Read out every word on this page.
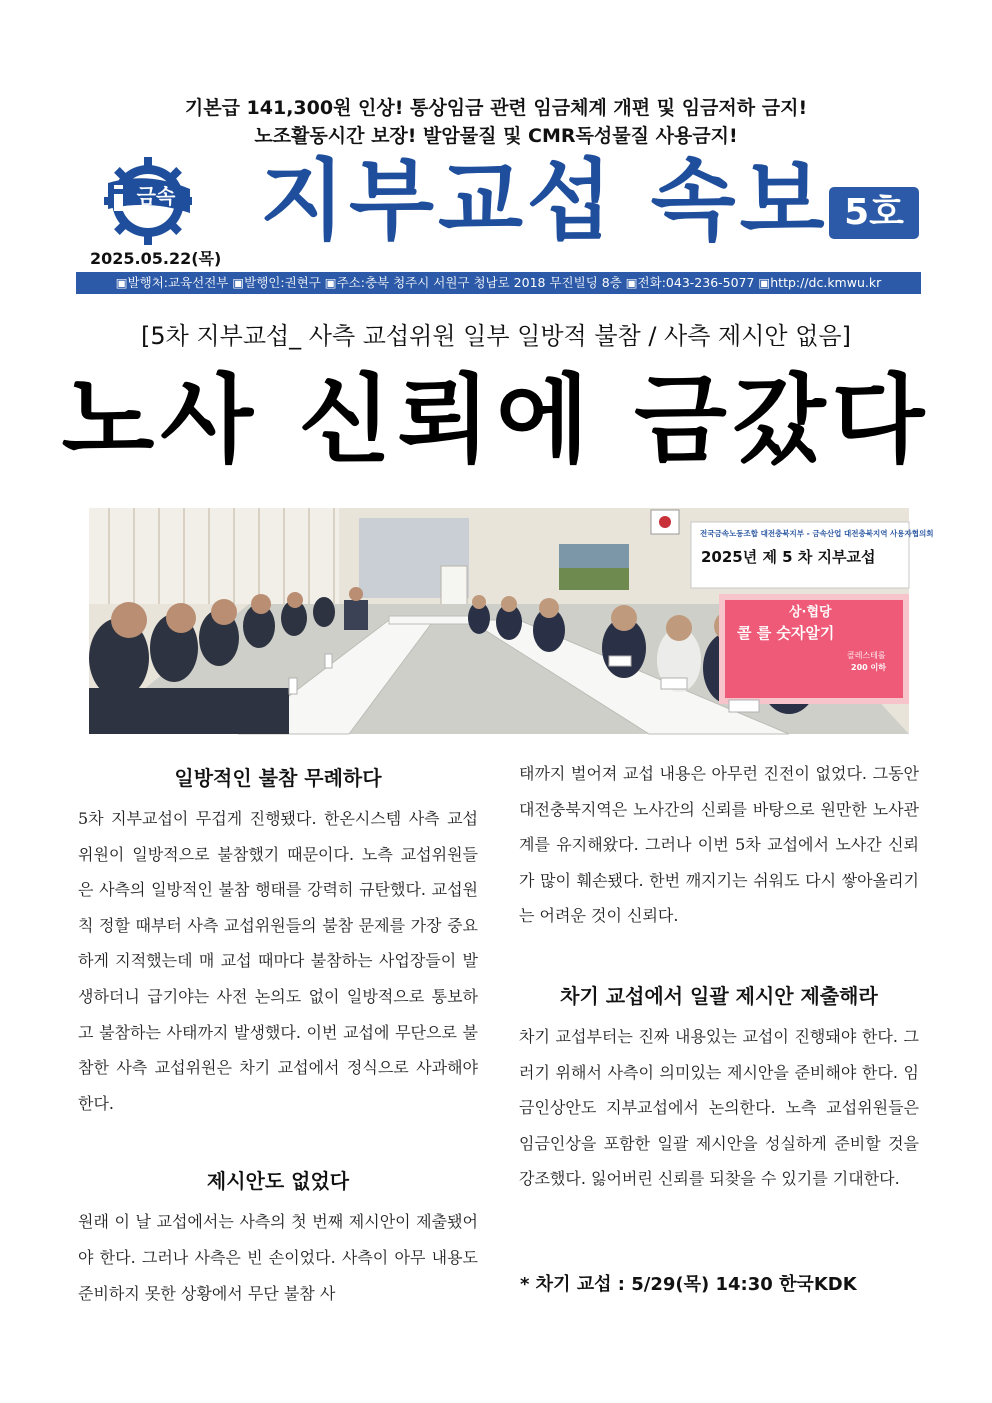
기본급 141,300원 인상! 통상임금 관련 임금체계 개편 및 임금저하 금지!
노조활동시간 보장! 발암물질 및 CMR독성물질 사용금지!
금속 지부교섭 속보 5호
2025.05.22(목)
▣발행처:교육선전부 ▣발행인:권현구 ▣주소:충북 청주시 서원구 청남로 2018 무진빌딩 8층 ▣전화:043-236-5077 ▣http://dc.kmwu.kr
[5차 지부교섭_ 사측 교섭위원 일부 일방적 불참 / 사측 제시안 없음]
노사 신뢰에 금갔다
전국금속노동조합 대전충북지부 - 금속산업 대전충북지역 사용자협의회
2025년 제 5 차 지부교섭
상·협당
콜 를 숫자알기
콜레스테롤
200 이하
일방적인 불참 무례하다

5차 지부교섭이 무겁게 진행됐다. 한온시스템 사측 교섭위원이 일방적으로 불참했기 때문이다. 노측 교섭위원들은 사측의 일방적인 불참 행태를 강력히 규탄했다. 교섭원칙 정할 때부터 사측 교섭위원들의 불참 문제를 가장 중요하게 지적했는데 매 교섭 때마다 불참하는 사업장들이 발생하더니 급기야는 사전 논의도 없이 일방적으로 통보하고 불참하는 사태까지 발생했다. 이번 교섭에 무단으로 불참한 사측 교섭위원은 차기 교섭에서 정식으로 사과해야한다.

제시안도 없었다

원래 이 날 교섭에서는 사측의 첫 번째 제시안이 제출됐어야 한다. 그러나 사측은 빈 손이었다. 사측이 아무 내용도 준비하지 못한 상황에서 무단 불참 사

태까지 벌어져 교섭 내용은 아무런 진전이 없었다. 그동안 대전충북지역은 노사간의 신뢰를 바탕으로 원만한 노사관계를 유지해왔다. 그러나 이번 5차 교섭에서 노사간 신뢰가 많이 훼손됐다. 한번 깨지기는 쉬워도 다시 쌓아올리기는 어려운 것이 신뢰다.

차기 교섭에서 일괄 제시안 제출해라

차기 교섭부터는 진짜 내용있는 교섭이 진행돼야 한다. 그러기 위해서 사측이 의미있는 제시안을 준비해야 한다. 임금인상안도 지부교섭에서 논의한다. 노측 교섭위원들은 임금인상을 포함한 일괄 제시안을 성실하게 준비할 것을 강조했다. 잃어버린 신뢰를 되찾을 수 있기를 기대한다.

* 차기 교섭 : 5/29(목) 14:30 한국KDK
